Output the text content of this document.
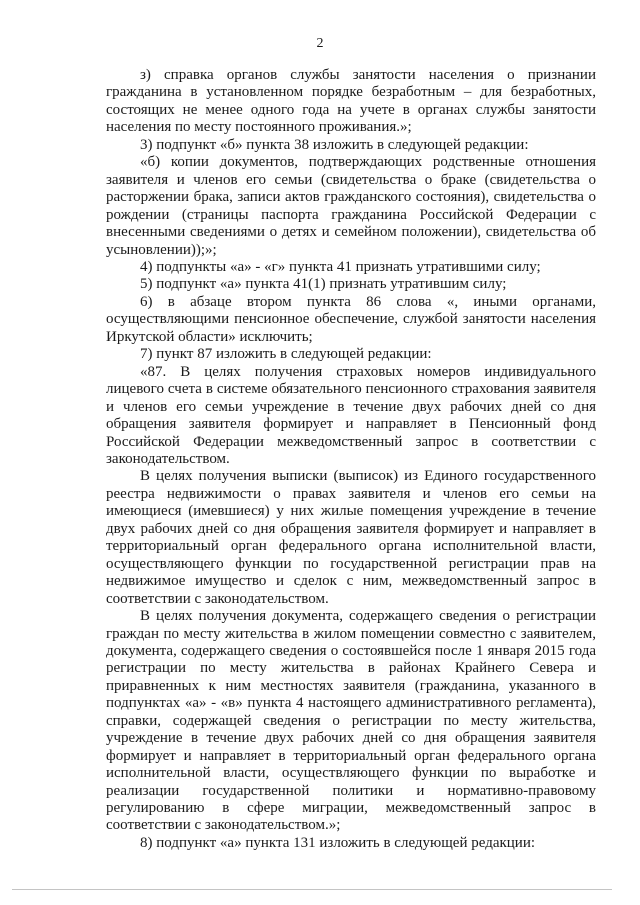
2

з) справка органов службы занятости населения о признании гражданина в установленном порядке безработным – для безработных, состоящих не менее одного года на учете в органах службы занятости населения по месту постоянного проживания.»;

3) подпункт «б» пункта 38 изложить в следующей редакции:

«б) копии документов, подтверждающих родственные отношения заявителя и членов его семьи (свидетельства о браке (свидетельства о расторжении брака, записи актов гражданского состояния), свидетельства о рождении (страницы паспорта гражданина Российской Федерации с внесенными сведениями о детях и семейном положении), свидетельства об усыновлении));»;

4) подпункты «а» - «г» пункта 41 признать утратившими силу;

5) подпункт «а» пункта 41(1) признать утратившим силу;

6) в абзаце втором пункта 86 слова «, иными органами, осуществляющими пенсионное обеспечение, службой занятости населения Иркутской области» исключить;

7) пункт 87 изложить в следующей редакции:

«87. В целях получения страховых номеров индивидуального лицевого счета в системе обязательного пенсионного страхования заявителя и членов его семьи учреждение в течение двух рабочих дней со дня обращения заявителя формирует и направляет в Пенсионный фонд Российской Федерации межведомственный запрос в соответствии с законодательством.

В целях получения выписки (выписок) из Единого государственного реестра недвижимости о правах заявителя и членов его семьи на имеющиеся (имевшиеся) у них жилые помещения учреждение в течение двух рабочих дней со дня обращения заявителя формирует и направляет в территориальный орган федерального органа исполнительной власти, осуществляющего функции по государственной регистрации прав на недвижимое имущество и сделок с ним, межведомственный запрос в соответствии с законодательством.

В целях получения документа, содержащего сведения о регистрации граждан по месту жительства в жилом помещении совместно с заявителем, документа, содержащего сведения о состоявшейся после 1 января 2015 года регистрации по месту жительства в районах Крайнего Севера и приравненных к ним местностях заявителя (гражданина, указанного в подпунктах «а» - «в» пункта 4 настоящего административного регламента), справки, содержащей сведения о регистрации по месту жительства, учреждение в течение двух рабочих дней со дня обращения заявителя формирует и направляет в территориальный орган федерального органа исполнительной власти, осуществляющего функции по выработке и реализации государственной политики и нормативно-правовому регулированию в сфере миграции, межведомственный запрос в соответствии с законодательством.»;

8) подпункт «а» пункта 131 изложить в следующей редакции:
